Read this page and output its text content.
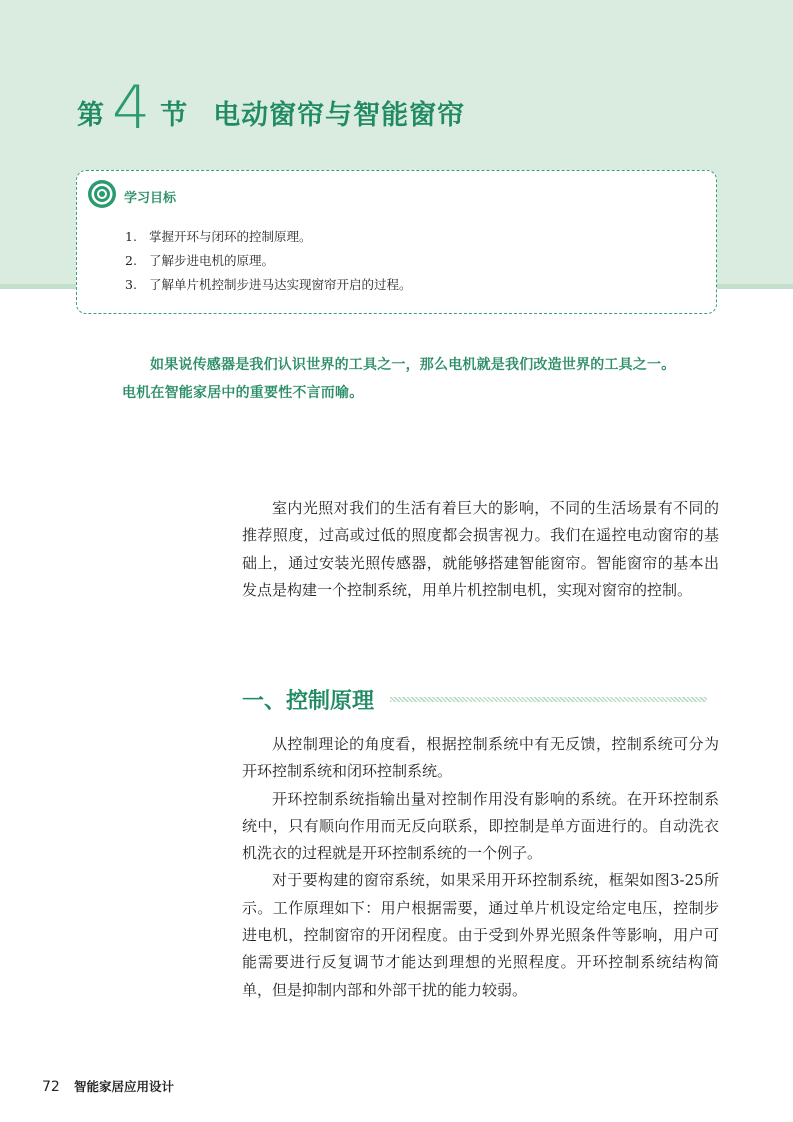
第 4 节 电动窗帘与智能窗帘
学习目标
1. 掌握开环与闭环的控制原理。
2. 了解步进电机的原理。
3. 了解单片机控制步进马达实现窗帘开启的过程。

如果说传感器是我们认识世界的工具之一，那么电机就是我们改造世界的工具之一。电机在智能家居中的重要性不言而喻。

室内光照对我们的生活有着巨大的影响，不同的生活场景有不同的推荐照度，过高或过低的照度都会损害视力。我们在遥控电动窗帘的基础上，通过安装光照传感器，就能够搭建智能窗帘。智能窗帘的基本出发点是构建一个控制系统，用单片机控制电机，实现对窗帘的控制。

一、控制原理

从控制理论的角度看，根据控制系统中有无反馈，控制系统可分为开环控制系统和闭环控制系统。

开环控制系统指输出量对控制作用没有影响的系统。在开环控制系统中，只有顺向作用而无反向联系，即控制是单方面进行的。自动洗衣机洗衣的过程就是开环控制系统的一个例子。

对于要构建的窗帘系统，如果采用开环控制系统，框架如图3-25所示。工作原理如下：用户根据需要，通过单片机设定给定电压，控制步进电机，控制窗帘的开闭程度。由于受到外界光照条件等影响，用户可能需要进行反复调节才能达到理想的光照程度。开环控制系统结构简单，但是抑制内部和外部干扰的能力较弱。

72 智能家居应用设计
